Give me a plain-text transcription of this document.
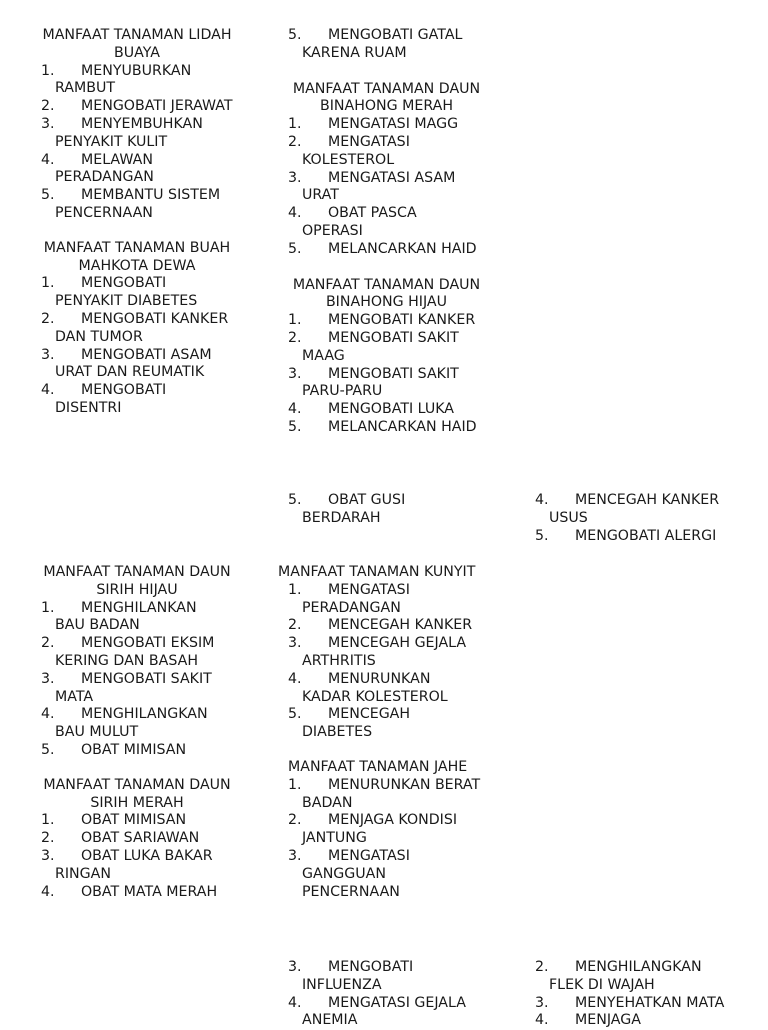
MANFAAT TANAMAN LIDAH
BUAYA
1.	MENYUBURKAN
RAMBUT
2.	MENGOBATI JERAWAT
3.	MENYEMBUHKAN
PENYAKIT KULIT
4.	MELAWAN
PERADANGAN
5.	MEMBANTU SISTEM
PENCERNAAN
MANFAAT TANAMAN BUAH
MAHKOTA DEWA
1.	MENGOBATI
PENYAKIT DIABETES
2.	MENGOBATI KANKER
DAN TUMOR
3.	MENGOBATI ASAM
URAT DAN REUMATIK
4.	MENGOBATI
DISENTRI
5.	MENGOBATI GATAL
KARENA RUAM
MANFAAT TANAMAN DAUN
BINAHONG MERAH
1.	MENGATASI MAGG
2.	MENGATASI
KOLESTEROL
3.	MENGATASI ASAM
URAT
4.	OBAT PASCA
OPERASI
5.	MELANCARKAN HAID
MANFAAT TANAMAN DAUN
BINAHONG HIJAU
1.	MENGOBATI KANKER
2.	MENGOBATI SAKIT
MAAG
3.	MENGOBATI SAKIT
PARU-PARU
4.	MENGOBATI LUKA
5.	MELANCARKAN HAID
5.	OBAT GUSI
BERDARAH
4.	MENCEGAH KANKER
USUS
5.	MENGOBATI ALERGI
MANFAAT TANAMAN DAUN
SIRIH HIJAU
1.	MENGHILANKAN
BAU BADAN
2.	MENGOBATI EKSIM
KERING DAN BASAH
3.	MENGOBATI SAKIT
MATA
4.	MENGHILANGKAN
BAU MULUT
5.	OBAT MIMISAN
MANFAAT TANAMAN DAUN
SIRIH MERAH
1.	OBAT MIMISAN
2.	OBAT SARIAWAN
3.	OBAT LUKA BAKAR
RINGAN
4.	OBAT MATA MERAH
MANFAAT TANAMAN KUNYIT
1.	MENGATASI
PERADANGAN
2.	MENCEGAH KANKER
3.	MENCEGAH GEJALA
ARTHRITIS
4.	MENURUNKAN
KADAR KOLESTEROL
5.	MENCEGAH
DIABETES
MANFAAT TANAMAN JAHE
1.	MENURUNKAN BERAT
BADAN
2.	MENJAGA KONDISI
JANTUNG
3.	MENGATASI
GANGGUAN
PENCERNAAN
3.	MENGOBATI
INFLUENZA
4.	MENGATASI GEJALA
ANEMIA
2.	MENGHILANGKAN
FLEK DI WAJAH
3.	MENYEHATKAN MATA
4.	MENJAGA
